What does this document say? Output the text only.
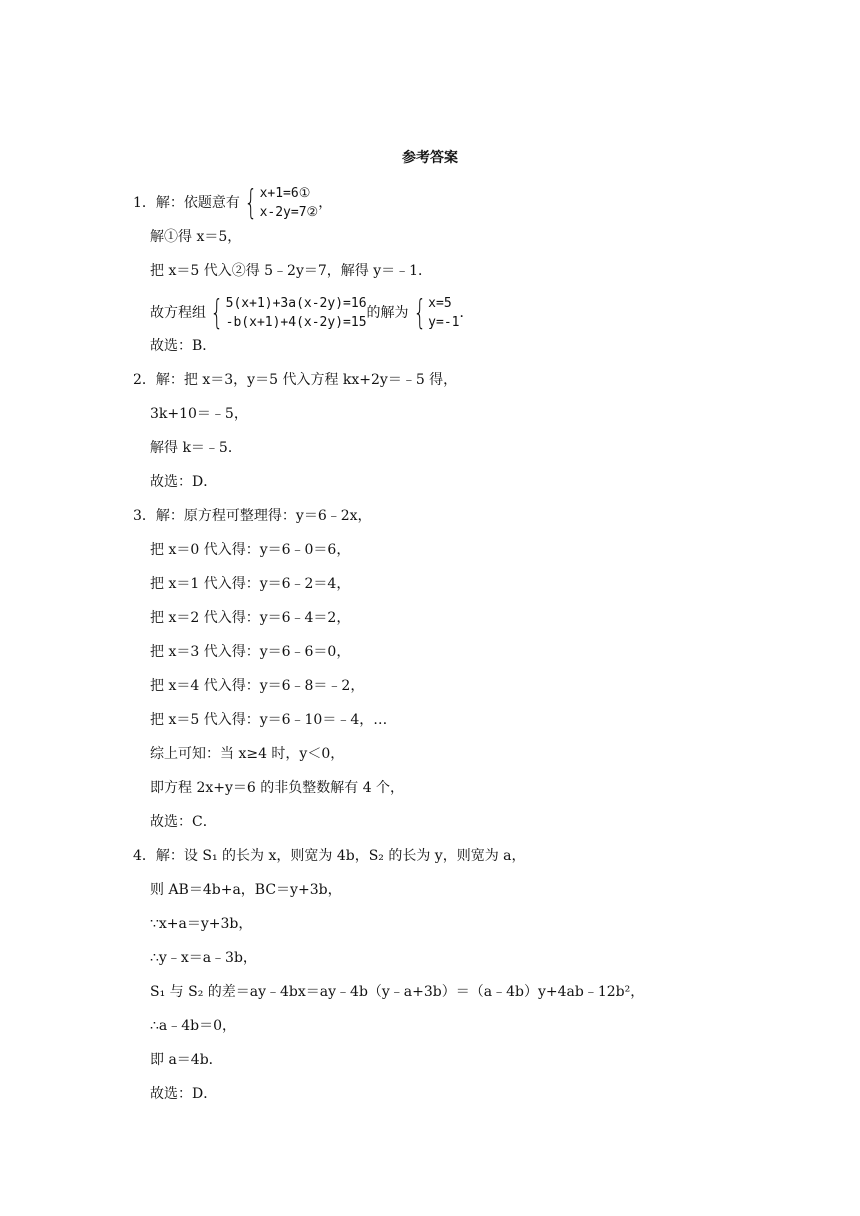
参考答案
1．解：依题意有 { x+1=6①
x-2y=7②
，
解①得 x＝5，
把 x＝5 代入②得 5﹣2y＝7，解得 y＝﹣1．
故方程组 { 5(x+1)+3a(x-2y)=16
-b(x+1)+4(x-2y)=15
的解为 { x=5
y=-1
．
故选：B．
2．解：把 x＝3，y＝5 代入方程 kx+2y＝﹣5 得，
3k+10＝﹣5，
解得 k＝﹣5．
故选：D．
3．解：原方程可整理得：y＝6﹣2x，
把 x＝0 代入得：y＝6﹣0＝6，
把 x＝1 代入得：y＝6﹣2＝4，
把 x＝2 代入得：y＝6﹣4＝2，
把 x＝3 代入得：y＝6﹣6＝0，
把 x＝4 代入得：y＝6﹣8＝﹣2，
把 x＝5 代入得：y＝6﹣10＝﹣4，…
综上可知：当 x≥4 时，y＜0，
即方程 2x+y＝6 的非负整数解有 4 个，
故选：C．
4．解：设 S₁ 的长为 x，则宽为 4b，S₂ 的长为 y，则宽为 a，
则 AB＝4b+a，BC＝y+3b，
∵x+a＝y+3b，
∴y﹣x＝a﹣3b，
S₁ 与 S₂ 的差＝ay﹣4bx＝ay﹣4b（y﹣a+3b）＝（a﹣4b）y+4ab﹣12b²，
∴a﹣4b＝0，
即 a＝4b．
故选：D．
